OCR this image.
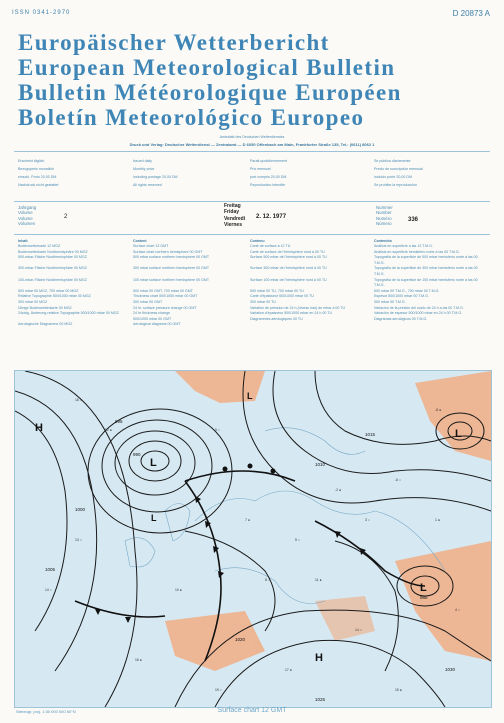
ISSN 0341-2970	D 20873 A
Europäischer Wetterbericht
European Meteorological Bulletin
Bulletin Météorologique Européen
Boletín Meteorológico Europeo
Amtsblatt des Deutschen Wetterdienstes
Druck und Verlag: Deutscher Wetterdienst — Zentralamt — D 6050 Offenbach am Main, Frankfurter Straße 135, Tel.: (0611) 8062 1
Erscheint täglich
Bezugspreis monatlich
einschl. Porto 20,00 DM
Nachdruck nicht gestattet
Issued daily
Monthly price
including postage 20,00 DM
All rights reserved
Parait quotidiennement
Prix mensuel
port compris 20,00 DM
Reproduction interdite
Se publica diariamente
Precio de suscripción mensual
incluido porte 20,00 DM
Se prohibe la reproducción
Jahrgang
Volume
Volume
Volumen
2
Freitag
Friday
Vendredi
Viernes
2. 12. 1977
Nummer
Number
Numéro
Número
336
Inhalt
Bodenwetterkarte 12 MGZ
Bodenwetterkarte Nordhemisphäre 00 MGZ
500-mbar-Fläche Nordhemisphäre 00 MGZ
300-mbar-Fläche Nordhemisphäre 00 MGZ
100-mbar-Fläche Nordhemisphäre 00 MGZ
500 mbar 00 MGZ, 700 mbar 00 MGZ
Relative Topographie 500/1000 mbar 00 MGZ
300 mbar 00 MGZ
Übrige Bodenwetterkarte 00 MGZ
24stdg. Änderung relative Topographie 500/1000 mbar 00 MGZ
Aerologische Diagramme 00 MGZ
Content
Surface chart 12 GMT
Surface chart northern hemisphere 00 GMT
500 mbar surface northern hemisphere 00 GMT
300 mbar surface northern hemisphere 00 GMT
100 mbar surface northern hemisphere 00 GMT
500 mbar 00 GMT, 700 mbar 00 GMT
Thickness chart 500/1000 mbar 00 GMT
300 mbar 00 GMT
24 hr. surface pressure change 00 GMT
24 hr thickness change
500/1000 mbar 00 GMT
Aerological diagrams 00 GMT
Contenu
Carte de surface à 12 TU
Carte de surface de l'hémisphère nord à 00 TU
Surface 500 mbar de l'hémisphère nord à 00 TU
Surface 300 mbar de l'hémisphère nord à 00 TU
Surface 100 mbar de l'hémisphère nord à 00 TU
500 mbar 00 TU, 700 mbar 00 TU
Carte d'épaisseur 500/1000 mbar 00 TU
300 mbar 00 TU
Variation de pression de 24 h (niveau bas) de mbar à 00 TU
Variation d'épaisseur 500/1000 mbar en 24 h 00 TU
Diagrammes aérologiques 00 TU
Contenido
Análisis en superficie a las 12 T.M.G.
Análisis en superficie hemisferio norte a las 00 T.M.G.
Topografía de la superficie de 500 mbar hemisferio norte a las 00 T.M.G.
Topografía de la superficie de 300 mbar hemisferio norte a las 00 T.M.G.
Topografía de la superficie de 100 mbar hemisferio norte a las 00 T.M.G.
500 mbar 00 T.M.G., 700 mbar 00 T.M.G.
Espesor 500/1000 mbar 00 T.M.G.
300 mbar 00 T.M.G.
Variación de la presión del suelo de 24 h a las 00 T.M.G.
Variación de espesor 500/1000 mbar en 24 h 00 T.M.G.
Diagramas aerológicos 00 T.M.G.
18 ○
12 ●	9 ○
7 ●
5 ○
-2 ●
3 ○
-6 ○
1 ●
8 ○	11 ●
14 ○
16 ●
13 ○
4 ○
17 ●
19 ○	15 ●
14 ○	10 ●
-8 ●
990
995
1000
1005
1010
1015
1020
1025
1030
985
L
L
L
L
L
H
H
Stereogr. proj. 1:30 000 000 60°N	Surface chart 12 GMT
